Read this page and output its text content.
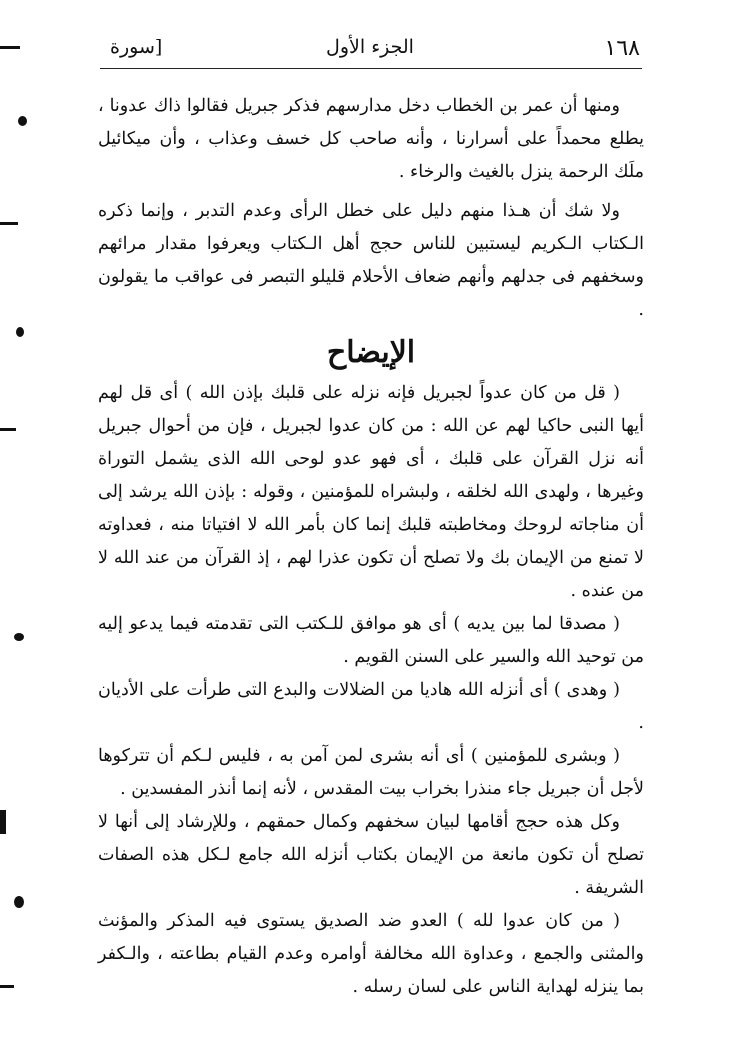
١٦٨
الجزء الأول
[سورة

ومنها أن عمر بن الخطاب دخل مدارسهم فذكر جبريل فقالوا ذاك عدونا ، يطلع محمداً على أسرارنا ، وأنه صاحب كل خسف وعذاب ، وأن ميكائيل ملَك الرحمة ينزل بالغيث والرخاء .

ولا شك أن هـذا منهم دليل على خطل الرأى وعدم التدبر ، وإنما ذكره الـكتاب الـكريم ليستبين للناس حجج أهل الـكتاب ويعرفوا مقدار مرائهم وسخفهم فى جدلهم وأنهم ضعاف الأحلام قليلو التبصر فى عواقب ما يقولون .

الإيضاح

( قل من كان عدواً لجبريل فإنه نزله على قلبك بإذن الله ) أى قل لهم أيها النبى حاكيا لهم عن الله : من كان عدوا لجبريل ، فإن من أحوال جبريل أنه نزل القرآن على قلبك ، أى فهو عدو لوحى الله الذى يشمل التوراة وغيرها ، ولهدى الله لخلقه ، ولبشراه للمؤمنين ، وقوله : بإذن الله يرشد إلى أن مناجاته لروحك ومخاطبته قلبك إنما كان بأمر الله لا افتياتا منه ، فعداوته لا تمنع من الإيمان بك ولا تصلح أن تكون عذرا لهم ، إذ القرآن من عند الله لا من عنده .

( مصدقا لما بين يديه ) أى هو موافق للـكتب التى تقدمته فيما يدعو إليه من توحيد الله والسير على السنن القويم .

( وهدى ) أى أنزله الله هاديا من الضلالات والبدع التى طرأت على الأديان .

( وبشرى للمؤمنين ) أى أنه بشرى لمن آمن به ، فليس لـكم أن تتركوها لأجل أن جبريل جاء منذرا بخراب بيت المقدس ، لأنه إنما أنذر المفسدين .

وكل هذه حجج أقامها لبيان سخفهم وكمال حمقهم ، وللإرشاد إلى أنها لا تصلح أن تكون مانعة من الإيمان بكتاب أنزله الله جامع لـكل هذه الصفات الشريفة .

( من كان عدوا لله ) العدو ضد الصديق يستوى فيه المذكر والمؤنث والمثنى والجمع ، وعداوة الله مخالفة أوامره وعدم القيام بطاعته ، والـكفر بما ينزله لهداية الناس على لسان رسله .
